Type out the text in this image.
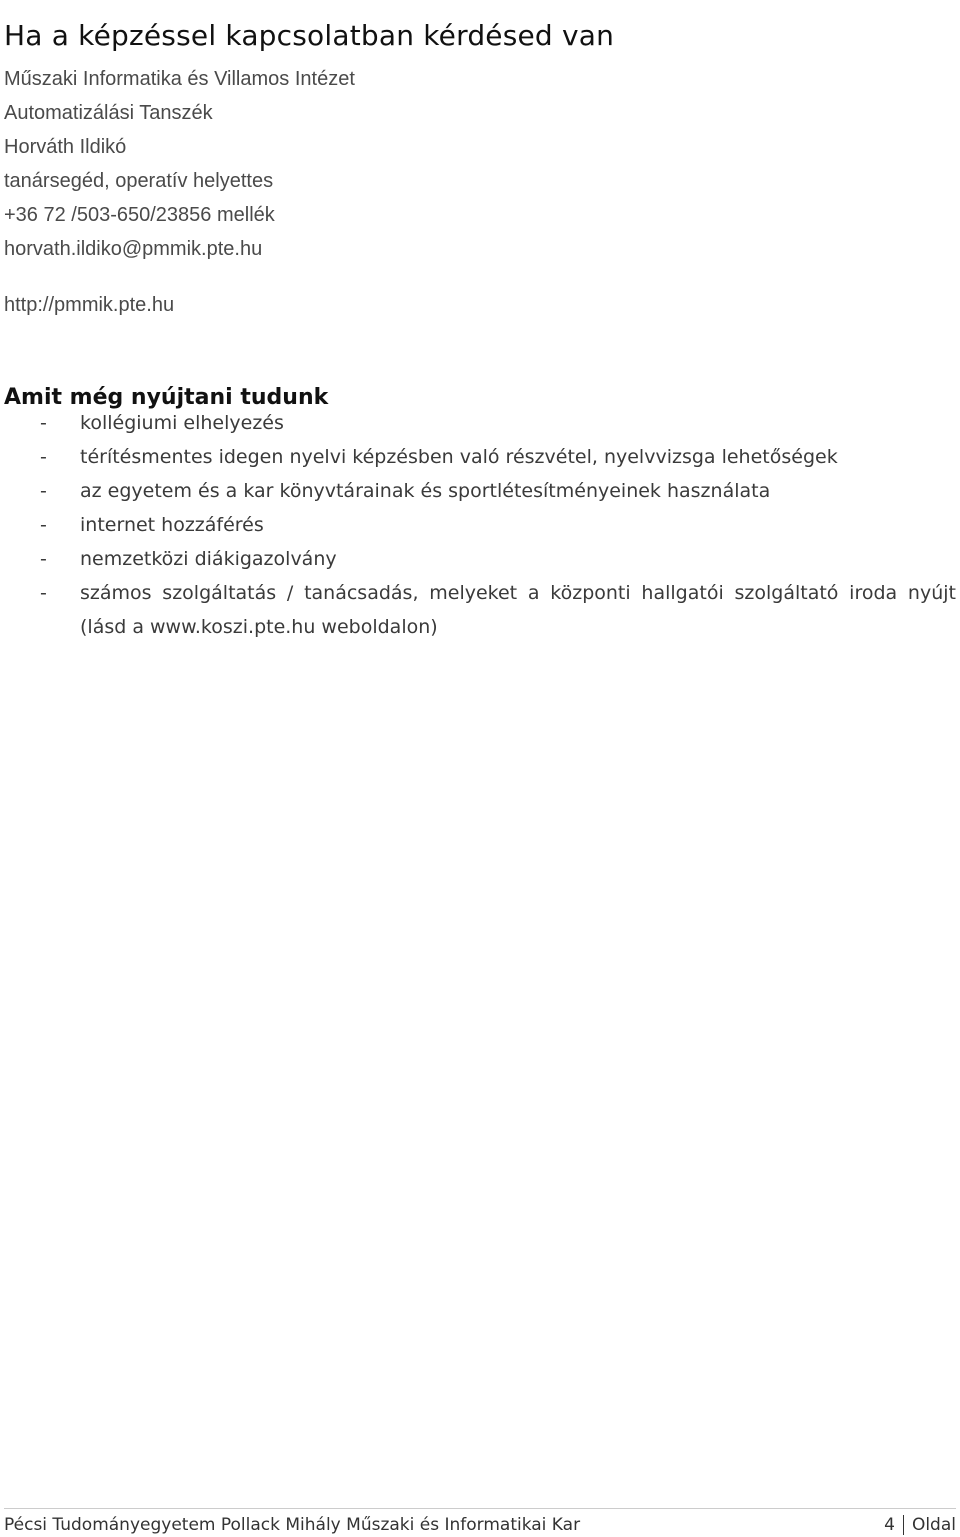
Ha a képzéssel kapcsolatban kérdésed van
Műszaki Informatika és Villamos Intézet
Automatizálási Tanszék
Horváth Ildikó
tanársegéd, operatív helyettes
+36 72 /503-650/23856 mellék
horvath.ildiko@pmmik.pte.hu
http://pmmik.pte.hu
Amit még nyújtani tudunk
- kollégiumi elhelyezés
- térítésmentes idegen nyelvi képzésben való részvétel, nyelvvizsga lehetőségek
- az egyetem és a kar könyvtárainak és sportlétesítményeinek használata
- internet hozzáférés
- nemzetközi diákigazolvány
- számos szolgáltatás / tanácsadás, melyeket a központi hallgatói szolgáltató iroda nyújt (lásd a www.koszi.pte.hu weboldalon)
Pécsi Tudományegyetem Pollack Mihály Műszaki és Informatikai Kar	4 Oldal
